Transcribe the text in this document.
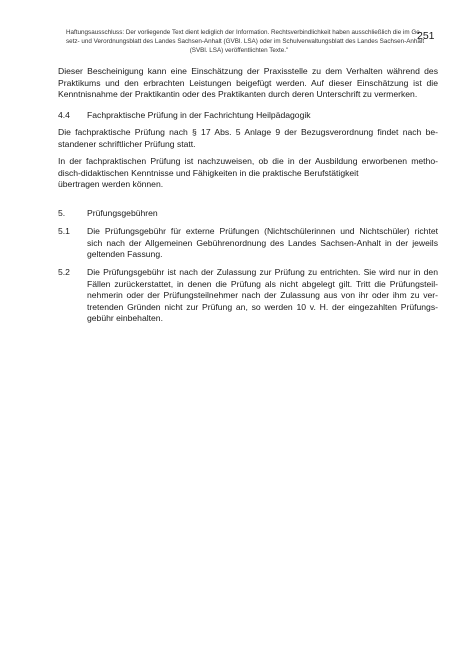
Haftungsausschluss: Der vorliegende Text dient lediglich der Information. Rechtsverbindlichkeit haben ausschließlich die im Ge-
setz- und Verordnungsblatt des Landes Sachsen-Anhalt (GVBl. LSA) oder im Schulverwaltungsblatt des Landes Sachsen-Anhalt
(SVBl. LSA) veröffentlichten Texte."
251
Dieser Bescheinigung kann eine Einschätzung der Praxisstelle zu dem Verhalten während des
Praktikums und den erbrachten Leistungen beigefügt werden. Auf dieser Einschätzung ist die
Kenntnisnahme der Praktikantin oder des Praktikanten durch deren Unterschrift zu vermerken.
4.4 Fachpraktische Prüfung in der Fachrichtung Heilpädagogik
Die fachpraktische Prüfung nach § 17 Abs. 5 Anlage 9 der Bezugsverordnung findet nach be-
standener schriftlicher Prüfung statt.
In der fachpraktischen Prüfung ist nachzuweisen, ob die in der Ausbildung erworbenen metho-
disch-didaktischen Kenntnisse und Fähigkeiten in die praktische Berufstätigkeit
übertragen werden können.
5.	Prüfungsgebühren
5.1 Die Prüfungsgebühr für externe Prüfungen (Nichtschülerinnen und Nichtschüler) richtet
sich nach der Allgemeinen Gebührenordnung des Landes Sachsen-Anhalt in der jeweils
geltenden Fassung.
5.2 Die Prüfungsgebühr ist nach der Zulassung zur Prüfung zu entrichten. Sie wird nur in den
Fällen zurückerstattet, in denen die Prüfung als nicht abgelegt gilt. Tritt die Prüfungsteil-
nehmerin oder der Prüfungsteilnehmer nach der Zulassung aus von ihr oder ihm zu ver-
tretenden Gründen nicht zur Prüfung an, so werden 10 v. H. der eingezahlten Prüfungs-
gebühr einbehalten.
